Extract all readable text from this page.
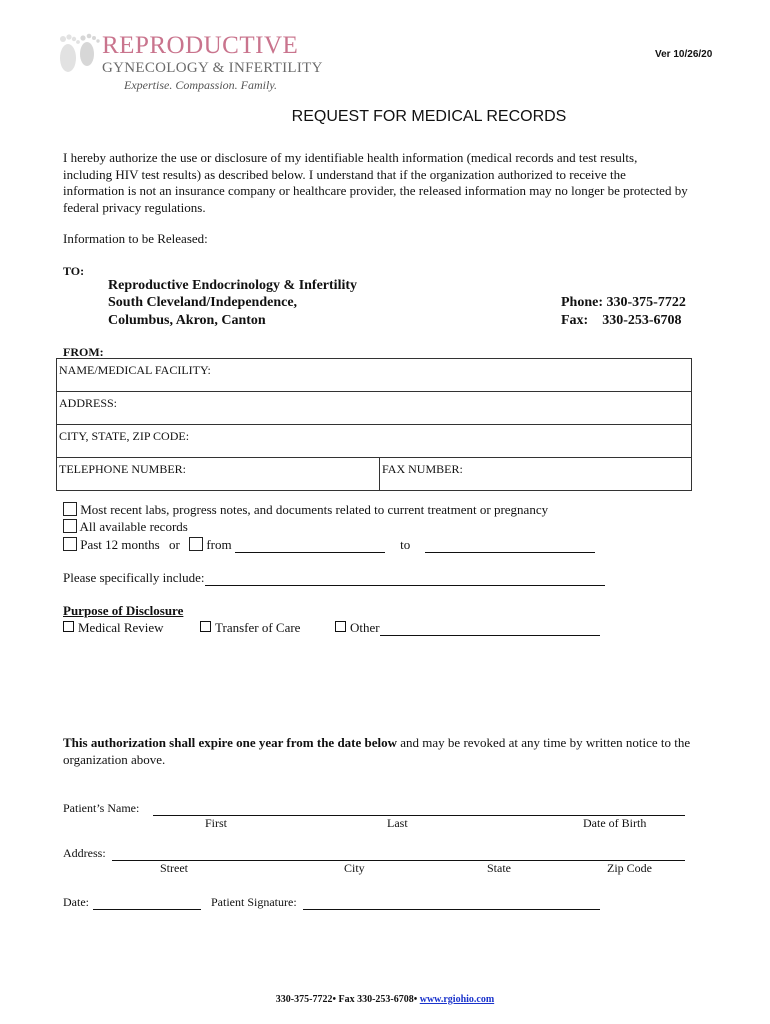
REPRODUCTIVE
GYNECOLOGY & INFERTILITY
Expertise. Compassion. Family.
Ver 10/26/20
REQUEST FOR MEDICAL RECORDS
I hereby authorize the use or disclosure of my identifiable health information (medical records and test results, including HIV test results) as described below. I understand that if the organization authorized to receive the information is not an insurance company or healthcare provider, the released information may no longer be protected by federal privacy regulations.
Information to be Released:
TO:
Reproductive Endocrinology & Infertility
South Cleveland/Independence,
Columbus, Akron, Canton
Phone: 330-375-7722
Fax:    330-253-6708
FROM:
NAME/MEDICAL FACILITY:
ADDRESS:
CITY, STATE, ZIP CODE:
TELEPHONE NUMBER:	FAX NUMBER:
Most recent labs, progress notes, and documents related to current treatment or pregnancy
All available records
Past 12 months or from	to
Please specifically include:
Purpose of Disclosure
Medical Review	Transfer of Care	Other
This authorization shall expire one year from the date below and may be revoked at any time by written notice to the organization above.
Patient’s Name:
First	Last	Date of Birth
Address:
Street	City	State	Zip Code
Date:	Patient Signature:
330-375-7722• Fax 330-253-6708• www.rgiohio.com
